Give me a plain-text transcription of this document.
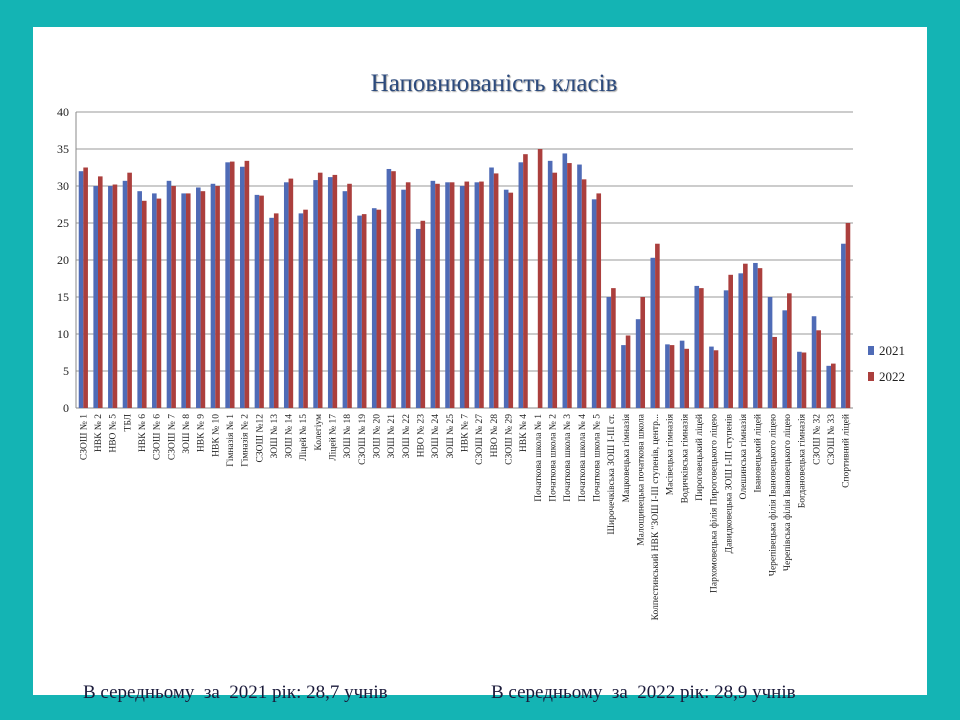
Наповнюваність класів
0
5
10
15
20
25
30
35
40
СЗОШ № 1 НВК № 2 НВО № 5 ТБЛ НВК № 6 СЗОШ № 6 СЗОШ № 7 ЗОШ № 8 НВК № 9 НВК № 10 Гімназія № 1 Гімназія № 2 СЗОШ №12 ЗОШ № 13 ЗОШ № 14 Ліцей № 15 Колегіум Ліцей № 17 ЗОШ № 18 СЗОШ № 19 ЗОШ № 20 ЗОШ № 21 ЗОШ № 22 НВО № 23 ЗОШ № 24 ЗОШ № 25 НВК № 7 СЗОШ № 27 НВО № 28 СЗОШ № 29 НВК № 4 Початкова школа № 1 Початкова школа № 2 Початкова школа № 3 Початкова школа № 4 Початкова школа № 5 Широчечківська ЗОШ І-ІІІ ст. Мацковецька гімназія Малощинецька початкова школа Колпестинський НВК "ЗОШ І-ІІІ ступенів, центр... Масівецька гімназія Водичківська гімназія Пироговецький ліцей Пархомовецька філія Пироговецького ліцею Давидковецька ЗОШ І-ІІІ ступенів Олешинська гімназія Івановецький ліцей Черепівецька філія Івановецького ліцею Черепівська філія Івановецького ліцею Богдановецька гімназія СЗОШ № 32 СЗОШ № 33 Спортивний ліцей
2021
2022
В середньому  за  2021 рік: 28,7 учнів	В середньому  за  2022 рік: 28,9 учнів
